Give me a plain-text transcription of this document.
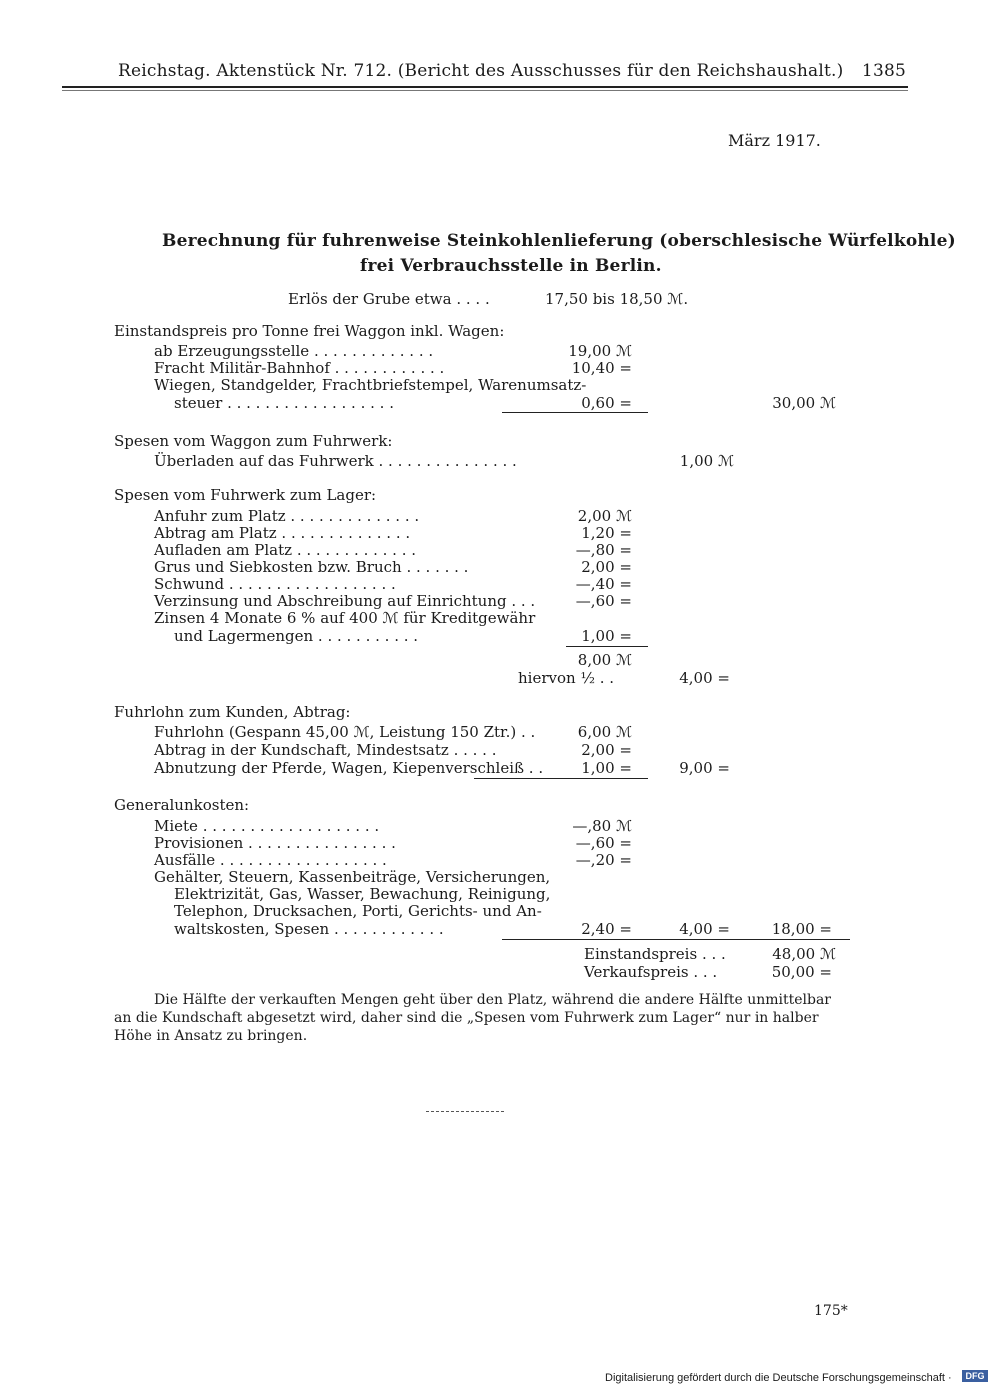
Reichstag. Aktenstück Nr. 712. (Bericht des Ausschusses für den Reichshaushalt.)	1385
März 1917.
Berechnung für fuhrenweise Steinkohlenlieferung (oberschlesische Würfelkohle)
frei Verbrauchsstelle in Berlin.
Erlös der Grube etwa . . . .	17,50 bis 18,50 ℳ.
Einstandspreis pro Tonne frei Waggon inkl. Wagen:
ab Erzeugungsstelle . . . . . . . . . . . . .	19,00 ℳ
Fracht Militär-Bahnhof . . . . . . . . . . . .	10,40 =
Wiegen, Standgelder, Frachtbriefstempel, Warenumsatz-
steuer . . . . . . . . . . . . . . . . . .	0,60 =	30,00 ℳ
Spesen vom Waggon zum Fuhrwerk:
Überladen auf das Fuhrwerk . . . . . . . . . . . . . . .	1,00 ℳ
Spesen vom Fuhrwerk zum Lager:
Anfuhr zum Platz . . . . . . . . . . . . . .	2,00 ℳ
Abtrag am Platz . . . . . . . . . . . . . .	1,20 =
Aufladen am Platz . . . . . . . . . . . . .	—,80 =
Grus und Siebkosten bzw. Bruch . . . . . . .	2,00 =
Schwund . . . . . . . . . . . . . . . . . .	—,40 =
Verzinsung und Abschreibung auf Einrichtung . . .	—,60 =
Zinsen 4 Monate 6 % auf 400 ℳ für Kreditgewähr
und Lagermengen . . . . . . . . . . .	1,00 =
8,00 ℳ
hiervon ½ . .	4,00 =
Fuhrlohn zum Kunden, Abtrag:
Fuhrlohn (Gespann 45,00 ℳ, Leistung 150 Ztr.) . .	6,00 ℳ
Abtrag in der Kundschaft, Mindestsatz . . . . .	2,00 =
Abnutzung der Pferde, Wagen, Kiepenverschleiß . .	1,00 =	9,00 =
Generalunkosten:
Miete . . . . . . . . . . . . . . . . . . .	—,80 ℳ
Provisionen . . . . . . . . . . . . . . . .	—,60 =
Ausfälle . . . . . . . . . . . . . . . . . .	—,20 =
Gehälter, Steuern, Kassenbeiträge, Versicherungen,
Elektrizität, Gas, Wasser, Bewachung, Reinigung,
Telephon, Drucksachen, Porti, Gerichts- und An-
waltskosten, Spesen . . . . . . . . . . . .	2,40 =	4,00 =	18,00 =
Einstandspreis . . .	48,00 ℳ
Verkaufspreis . . .	50,00 =
Die Hälfte der verkauften Mengen geht über den Platz, während die andere Hälfte unmittelbar
an die Kundschaft abgesetzt wird, daher sind die „Spesen vom Fuhrwerk zum Lager“ nur in halber
Höhe in Ansatz zu bringen.
175*
Digitalisierung gefördert durch die Deutsche Forschungsgemeinschaft ·	DFG
